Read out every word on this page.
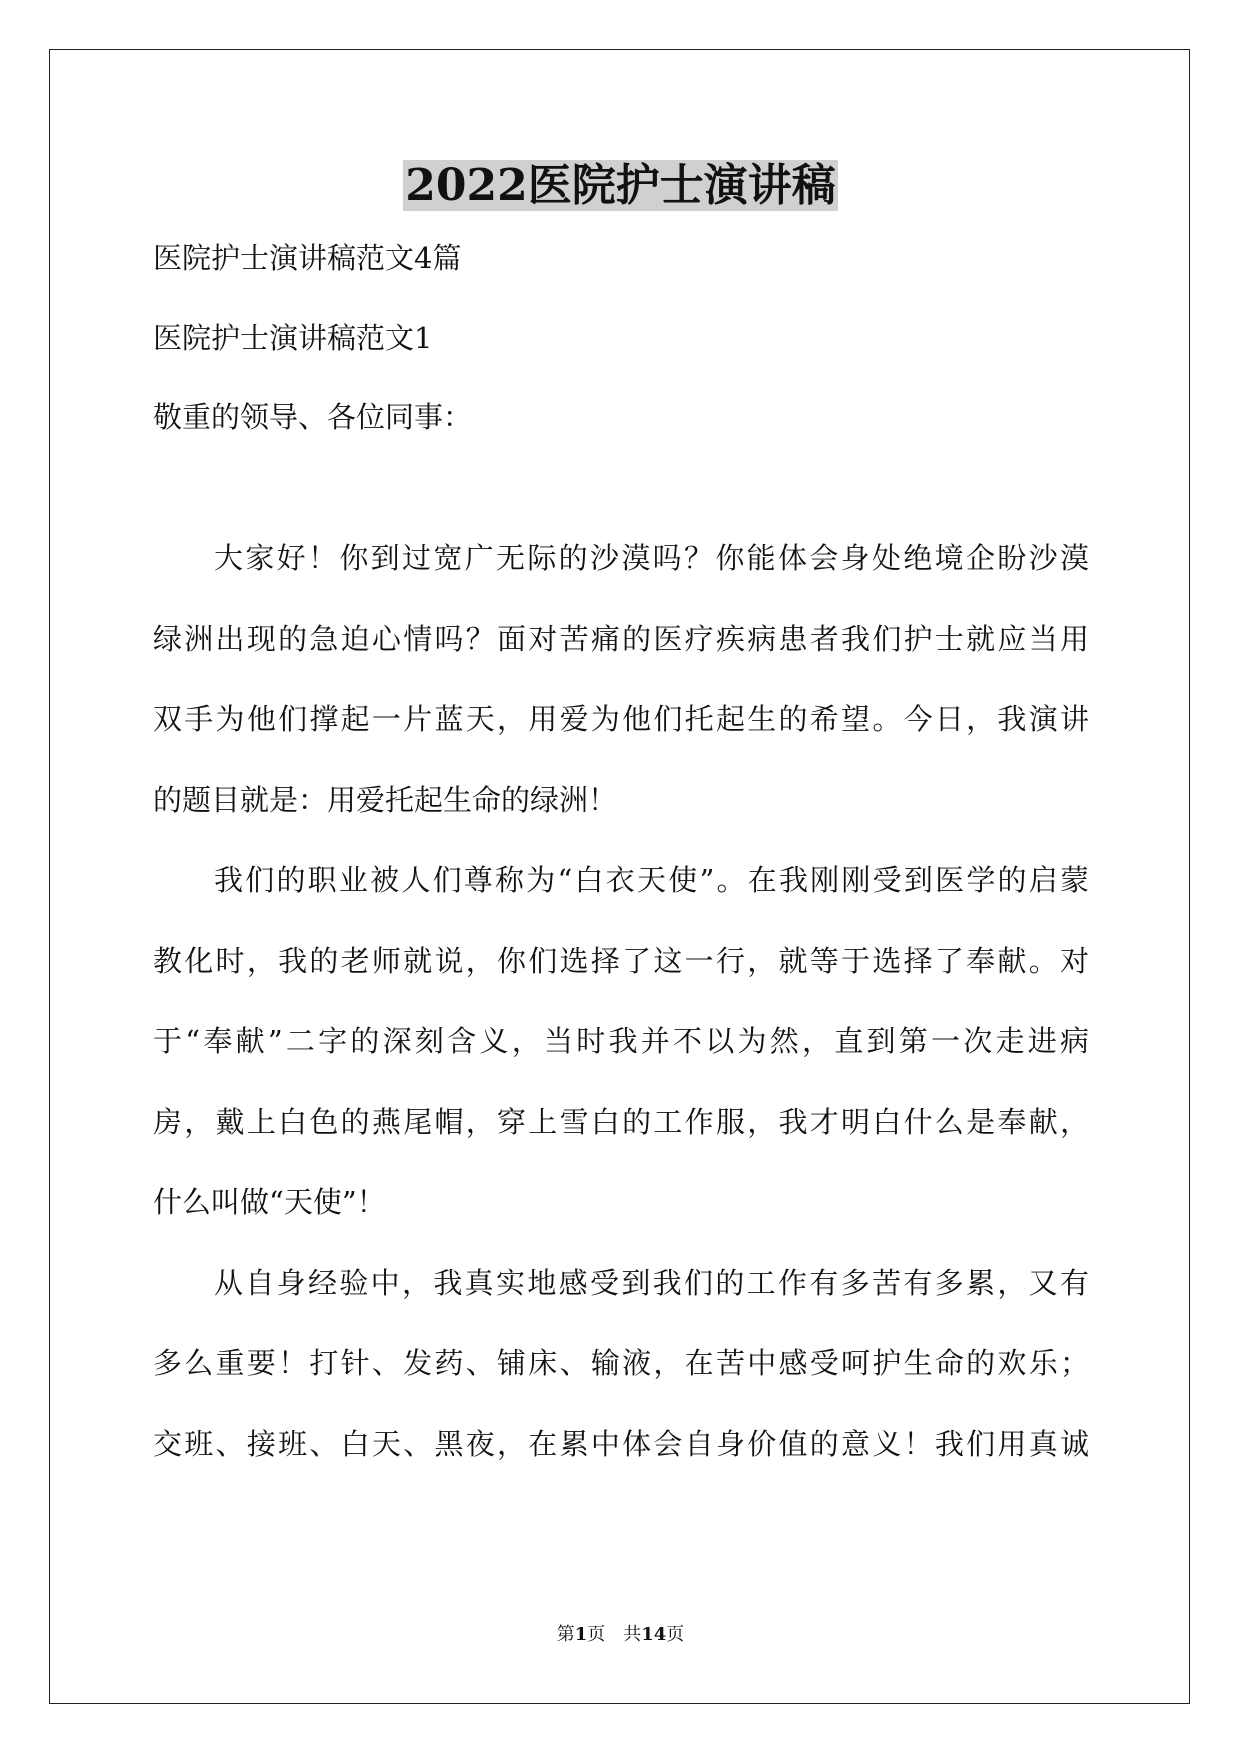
2022医院护士演讲稿
医院护士演讲稿范文4篇
医院护士演讲稿范文1
敬重的领导、各位同事：
大家好！你到过宽广无际的沙漠吗？你能体会身处绝境企盼沙漠
绿洲出现的急迫心情吗？面对苦痛的医疗疾病患者我们护士就应当用
双手为他们撑起一片蓝天，用爱为他们托起生的希望。今日，我演讲
的题目就是：用爱托起生命的绿洲！
我们的职业被人们尊称为“白衣天使”。在我刚刚受到医学的启蒙
教化时，我的老师就说，你们选择了这一行，就等于选择了奉献。对
于“奉献”二字的深刻含义，当时我并不以为然，直到第一次走进病
房，戴上白色的燕尾帽，穿上雪白的工作服，我才明白什么是奉献，
什么叫做“天使”！
从自身经验中，我真实地感受到我们的工作有多苦有多累，又有
多么重要！打针、发药、铺床、输液，在苦中感受呵护生命的欢乐；
交班、接班、白天、黑夜，在累中体会自身价值的意义！我们用真诚
第1页 共14页
